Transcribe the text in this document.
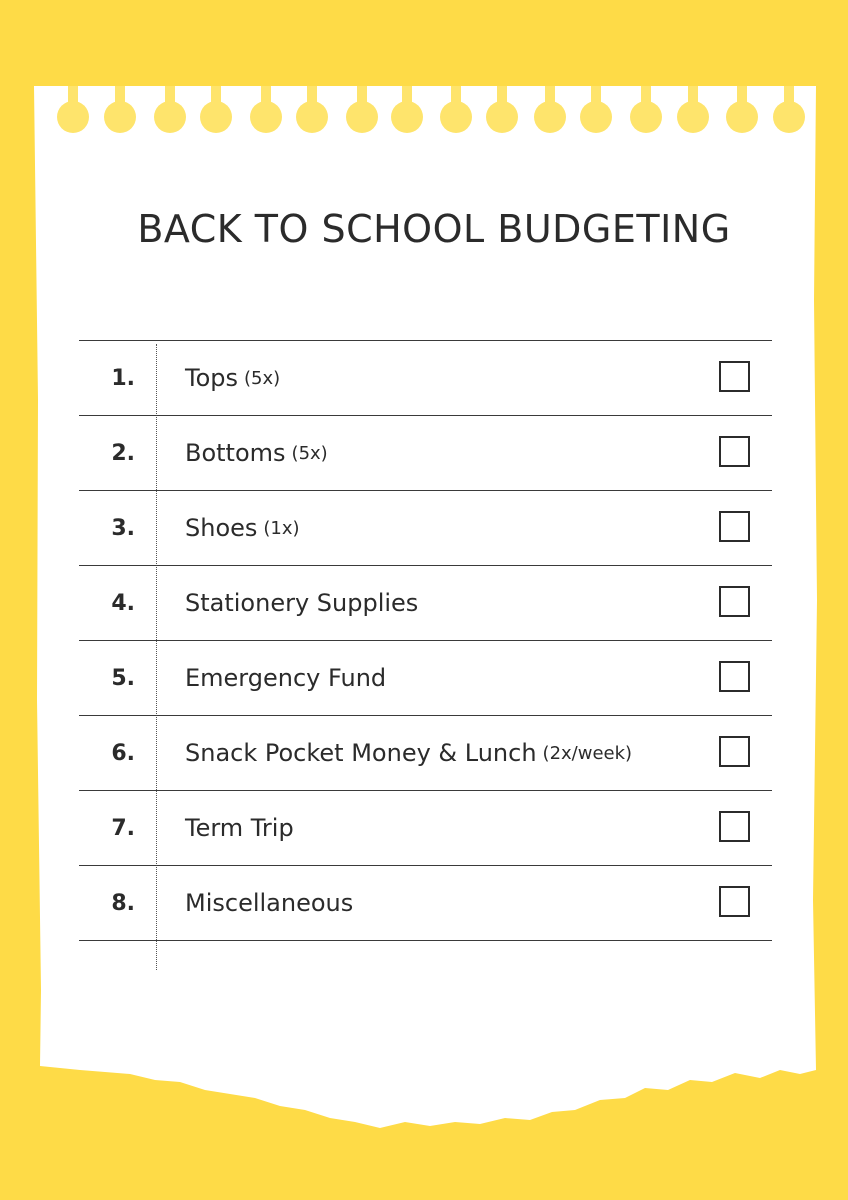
BACK TO SCHOOL BUDGETING
1. Tops (5x)
2. Bottoms (5x)
3. Shoes (1x)
4. Stationery Supplies
5. Emergency Fund
6. Snack Pocket Money & Lunch (2x/week)
7. Term Trip
8. Miscellaneous
